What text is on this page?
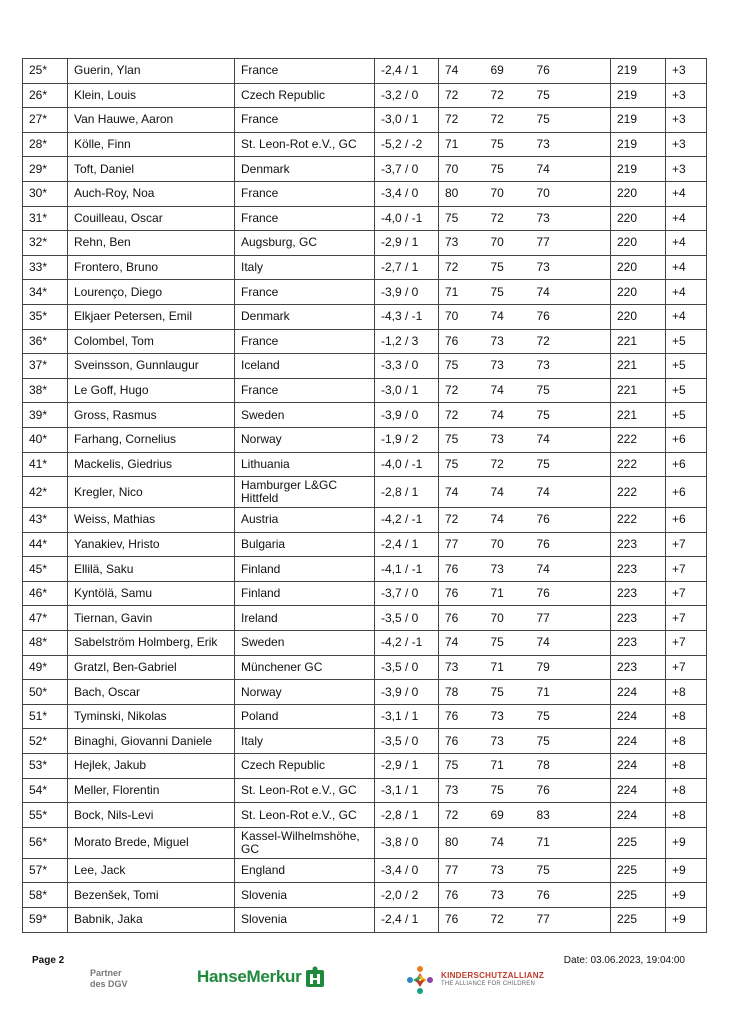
25*	Guerin, Ylan	France	-2,4 / 1	74	69	76	219	+3
26*	Klein, Louis	Czech Republic	-3,2 / 0	72	72	75	219	+3
27*	Van Hauwe, Aaron	France	-3,0 / 1	72	72	75	219	+3
28*	Kölle, Finn	St. Leon-Rot e.V., GC	-5,2 / -2	71	75	73	219	+3
29*	Toft, Daniel	Denmark	-3,7 / 0	70	75	74	219	+3
30*	Auch-Roy, Noa	France	-3,4 / 0	80	70	70	220	+4
31*	Couilleau, Oscar	France	-4,0 / -1	75	72	73	220	+4
32*	Rehn, Ben	Augsburg, GC	-2,9 / 1	73	70	77	220	+4
33*	Frontero, Bruno	Italy	-2,7 / 1	72	75	73	220	+4
34*	Lourenço, Diego	France	-3,9 / 0	71	75	74	220	+4
35*	Elkjaer Petersen, Emil	Denmark	-4,3 / -1	70	74	76	220	+4
36*	Colombel, Tom	France	-1,2 / 3	76	73	72	221	+5
37*	Sveinsson, Gunnlaugur	Iceland	-3,3 / 0	75	73	73	221	+5
38*	Le Goff, Hugo	France	-3,0 / 1	72	74	75	221	+5
39*	Gross, Rasmus	Sweden	-3,9 / 0	72	74	75	221	+5
40*	Farhang, Cornelius	Norway	-1,9 / 2	75	73	74	222	+6
41*	Mackelis, Giedrius	Lithuania	-4,0 / -1	75	72	75	222	+6
42*	Kregler, Nico	Hamburger L&GC Hittfeld	-2,8 / 1	74	74	74	222	+6
43*	Weiss, Mathias	Austria	-4,2 / -1	72	74	76	222	+6
44*	Yanakiev, Hristo	Bulgaria	-2,4 / 1	77	70	76	223	+7
45*	Ellilä, Saku	Finland	-4,1 / -1	76	73	74	223	+7
46*	Kyntölä, Samu	Finland	-3,7 / 0	76	71	76	223	+7
47*	Tiernan, Gavin	Ireland	-3,5 / 0	76	70	77	223	+7
48*	Sabelström Holmberg, Erik	Sweden	-4,2 / -1	74	75	74	223	+7
49*	Gratzl, Ben-Gabriel	Münchener GC	-3,5 / 0	73	71	79	223	+7
50*	Bach, Oscar	Norway	-3,9 / 0	78	75	71	224	+8
51*	Tyminski, Nikolas	Poland	-3,1 / 1	76	73	75	224	+8
52*	Binaghi, Giovanni Daniele	Italy	-3,5 / 0	76	73	75	224	+8
53*	Hejlek, Jakub	Czech Republic	-2,9 / 1	75	71	78	224	+8
54*	Meller, Florentin	St. Leon-Rot e.V., GC	-3,1 / 1	73	75	76	224	+8
55*	Bock, Nils-Levi	St. Leon-Rot e.V., GC	-2,8 / 1	72	69	83	224	+8
56*	Morato Brede, Miguel	Kassel-Wilhelmshöhe, GC	-3,8 / 0	80	74	71	225	+9
57*	Lee, Jack	England	-3,4 / 0	77	73	75	225	+9
58*	Bezenšek, Tomi	Slovenia	-2,0 / 2	76	73	76	225	+9
59*	Babnik, Jaka	Slovenia	-2,4 / 1	76	72	77	225	+9
Page 2	Date: 03.06.2023, 19:04:00
Partner
des DGV	HanseMerkur	KINDERSCHUTZALLIANZ
THE ALLIANCE FOR CHILDREN
